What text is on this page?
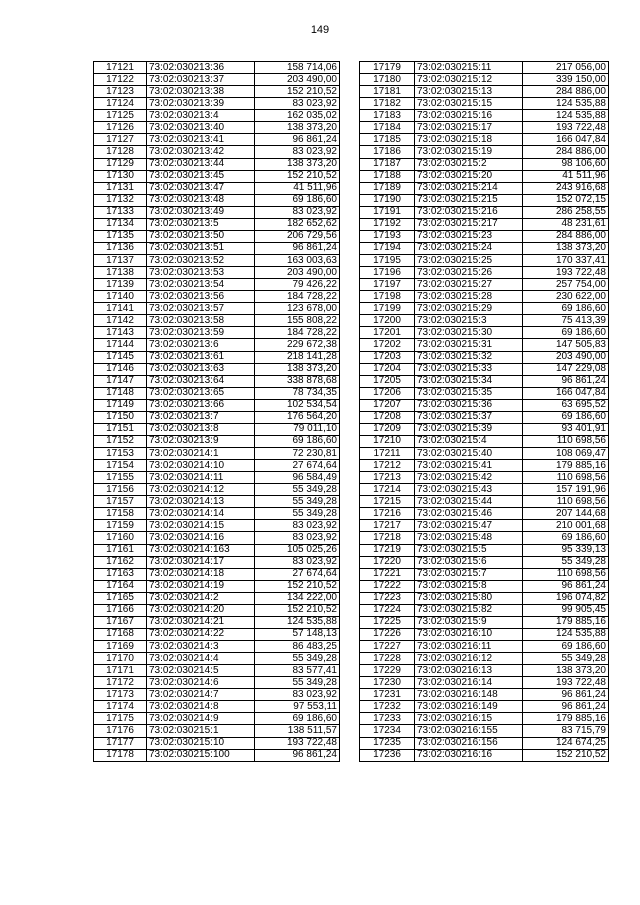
149
17121	73:02:030213:36	158 714,06
17122	73:02:030213:37	203 490,00
17123	73:02:030213:38	152 210,52
17124	73:02:030213:39	83 023,92
17125	73:02:030213:4	162 035,02
17126	73:02:030213:40	138 373,20
17127	73:02:030213:41	96 861,24
17128	73:02:030213:42	83 023,92
17129	73:02:030213:44	138 373,20
17130	73:02:030213:45	152 210,52
17131	73:02:030213:47	41 511,96
17132	73:02:030213:48	69 186,60
17133	73:02:030213:49	83 023,92
17134	73:02:030213:5	182 652,62
17135	73:02:030213:50	206 729,56
17136	73:02:030213:51	96 861,24
17137	73:02:030213:52	163 003,63
17138	73:02:030213:53	203 490,00
17139	73:02:030213:54	79 426,22
17140	73:02:030213:56	184 728,22
17141	73:02:030213:57	123 678,00
17142	73:02:030213:58	155 808,22
17143	73:02:030213:59	184 728,22
17144	73:02:030213:6	229 672,38
17145	73:02:030213:61	218 141,28
17146	73:02:030213:63	138 373,20
17147	73:02:030213:64	338 878,68
17148	73:02:030213:65	78 734,35
17149	73:02:030213:66	102 534,54
17150	73:02:030213:7	176 564,20
17151	73:02:030213:8	79 011,10
17152	73:02:030213:9	69 186,60
17153	73:02:030214:1	72 230,81
17154	73:02:030214:10	27 674,64
17155	73:02:030214:11	96 584,49
17156	73:02:030214:12	55 349,28
17157	73:02:030214:13	55 349,28
17158	73:02:030214:14	55 349,28
17159	73:02:030214:15	83 023,92
17160	73:02:030214:16	83 023,92
17161	73:02:030214:163	105 025,26
17162	73:02:030214:17	83 023,92
17163	73:02:030214:18	27 674,64
17164	73:02:030214:19	152 210,52
17165	73:02:030214:2	134 222,00
17166	73:02:030214:20	152 210,52
17167	73:02:030214:21	124 535,88
17168	73:02:030214:22	57 148,13
17169	73:02:030214:3	86 483,25
17170	73:02:030214:4	55 349,28
17171	73:02:030214:5	83 577,41
17172	73:02:030214:6	55 349,28
17173	73:02:030214:7	83 023,92
17174	73:02:030214:8	97 553,11
17175	73:02:030214:9	69 186,60
17176	73:02:030215:1	138 511,57
17177	73:02:030215:10	193 722,48
17178	73:02:030215:100	96 861,24
17179	73:02:030215:11	217 056,00
17180	73:02:030215:12	339 150,00
17181	73:02:030215:13	284 886,00
17182	73:02:030215:15	124 535,88
17183	73:02:030215:16	124 535,88
17184	73:02:030215:17	193 722,48
17185	73:02:030215:18	166 047,84
17186	73:02:030215:19	284 886,00
17187	73:02:030215:2	98 106,60
17188	73:02:030215:20	41 511,96
17189	73:02:030215:214	243 916,68
17190	73:02:030215:215	152 072,15
17191	73:02:030215:216	286 258,55
17192	73:02:030215:217	48 231,61
17193	73:02:030215:23	284 886,00
17194	73:02:030215:24	138 373,20
17195	73:02:030215:25	170 337,41
17196	73:02:030215:26	193 722,48
17197	73:02:030215:27	257 754,00
17198	73:02:030215:28	230 622,00
17199	73:02:030215:29	69 186,60
17200	73:02:030215:3	75 413,39
17201	73:02:030215:30	69 186,60
17202	73:02:030215:31	147 505,83
17203	73:02:030215:32	203 490,00
17204	73:02:030215:33	147 229,08
17205	73:02:030215:34	96 861,24
17206	73:02:030215:35	166 047,84
17207	73:02:030215:36	63 695,52
17208	73:02:030215:37	69 186,60
17209	73:02:030215:39	93 401,91
17210	73:02:030215:4	110 698,56
17211	73:02:030215:40	108 069,47
17212	73:02:030215:41	179 885,16
17213	73:02:030215:42	110 698,56
17214	73:02:030215:43	157 191,96
17215	73:02:030215:44	110 698,56
17216	73:02:030215:46	207 144,68
17217	73:02:030215:47	210 001,68
17218	73:02:030215:48	69 186,60
17219	73:02:030215:5	95 339,13
17220	73:02:030215:6	55 349,28
17221	73:02:030215:7	110 698,56
17222	73:02:030215:8	96 861,24
17223	73:02:030215:80	196 074,82
17224	73:02:030215:82	99 905,45
17225	73:02:030215:9	179 885,16
17226	73:02:030216:10	124 535,88
17227	73:02:030216:11	69 186,60
17228	73:02:030216:12	55 349,28
17229	73:02:030216:13	138 373,20
17230	73:02:030216:14	193 722,48
17231	73:02:030216:148	96 861,24
17232	73:02:030216:149	96 861,24
17233	73:02:030216:15	179 885,16
17234	73:02:030216:155	83 715,79
17235	73:02:030216:156	124 674,25
17236	73:02:030216:16	152 210,52
